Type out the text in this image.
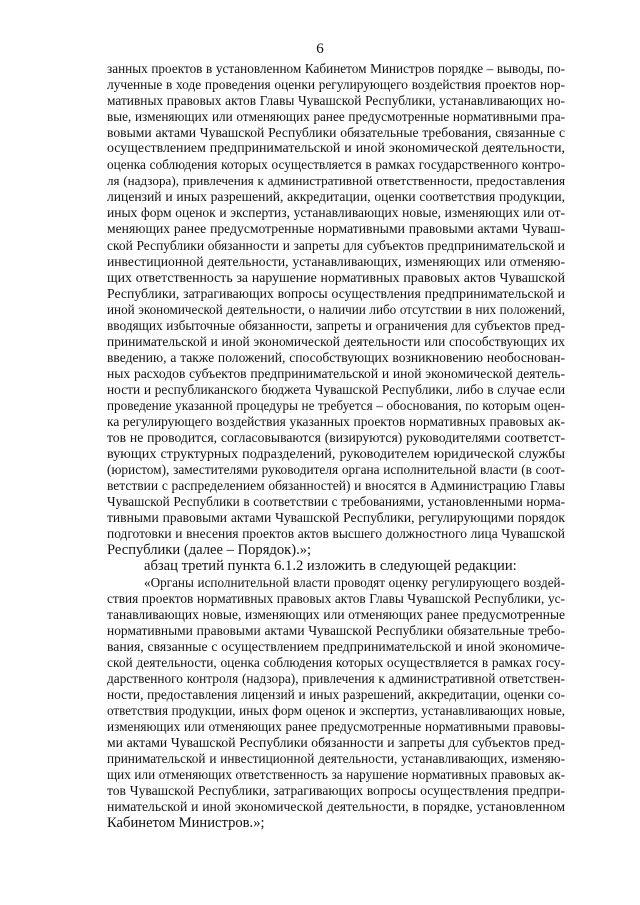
6
занных проектов в установленном Кабинетом Министров порядке – выводы, по-
лученные в ходе проведения оценки регулирующего воздействия проектов нор-
мативных правовых актов Главы Чувашской Республики, устанавливающих но-
вые, изменяющих или отменяющих ранее предусмотренные нормативными пра-
вовыми актами Чувашской Республики обязательные требования, связанные с
осуществлением предпринимательской и иной экономической деятельности,
оценка соблюдения которых осуществляется в рамках государственного контро-
ля (надзора), привлечения к административной ответственности, предоставления
лицензий и иных разрешений, аккредитации, оценки соответствия продукции,
иных форм оценок и экспертиз, устанавливающих новые, изменяющих или от-
меняющих ранее предусмотренные нормативными правовыми актами Чуваш-
ской Республики обязанности и запреты для субъектов предпринимательской и
инвестиционной деятельности, устанавливающих, изменяющих или отменяю-
щих ответственность за нарушение нормативных правовых актов Чувашской
Республики, затрагивающих вопросы осуществления предпринимательской и
иной экономической деятельности, о наличии либо отсутствии в них положений,
вводящих избыточные обязанности, запреты и ограничения для субъектов пред-
принимательской и иной экономической деятельности или способствующих их
введению, а также положений, способствующих возникновению необоснован-
ных расходов субъектов предпринимательской и иной экономической деятель-
ности и республиканского бюджета Чувашской Республики, либо в случае если
проведение указанной процедуры не требуется – обоснования, по которым оцен-
ка регулирующего воздействия указанных проектов нормативных правовых ак-
тов не проводится, согласовываются (визируются) руководителями соответст-
вующих структурных подразделений, руководителем юридической службы
(юристом), заместителями руководителя органа исполнительной власти (в соот-
ветствии с распределением обязанностей) и вносятся в Администрацию Главы
Чувашской Республики в соответствии с требованиями, установленными норма-
тивными правовыми актами Чувашской Республики, регулирующими порядок
подготовки и внесения проектов актов высшего должностного лица Чувашской
Республики (далее – Порядок).»;
абзац третий пункта 6.1.2 изложить в следующей редакции:
«Органы исполнительной власти проводят оценку регулирующего воздей-
ствия проектов нормативных правовых актов Главы Чувашской Республики, ус-
танавливающих новые, изменяющих или отменяющих ранее предусмотренные
нормативными правовыми актами Чувашской Республики обязательные требо-
вания, связанные с осуществлением предпринимательской и иной экономиче-
ской деятельности, оценка соблюдения которых осуществляется в рамках госу-
дарственного контроля (надзора), привлечения к административной ответствен-
ности, предоставления лицензий и иных разрешений, аккредитации, оценки со-
ответствия продукции, иных форм оценок и экспертиз, устанавливающих новые,
изменяющих или отменяющих ранее предусмотренные нормативными правовы-
ми актами Чувашской Республики обязанности и запреты для субъектов пред-
принимательской и инвестиционной деятельности, устанавливающих, изменяю-
щих или отменяющих ответственность за нарушение нормативных правовых ак-
тов Чувашской Республики, затрагивающих вопросы осуществления предпри-
нимательской и иной экономической деятельности, в порядке, установленном
Кабинетом Министров.»;
